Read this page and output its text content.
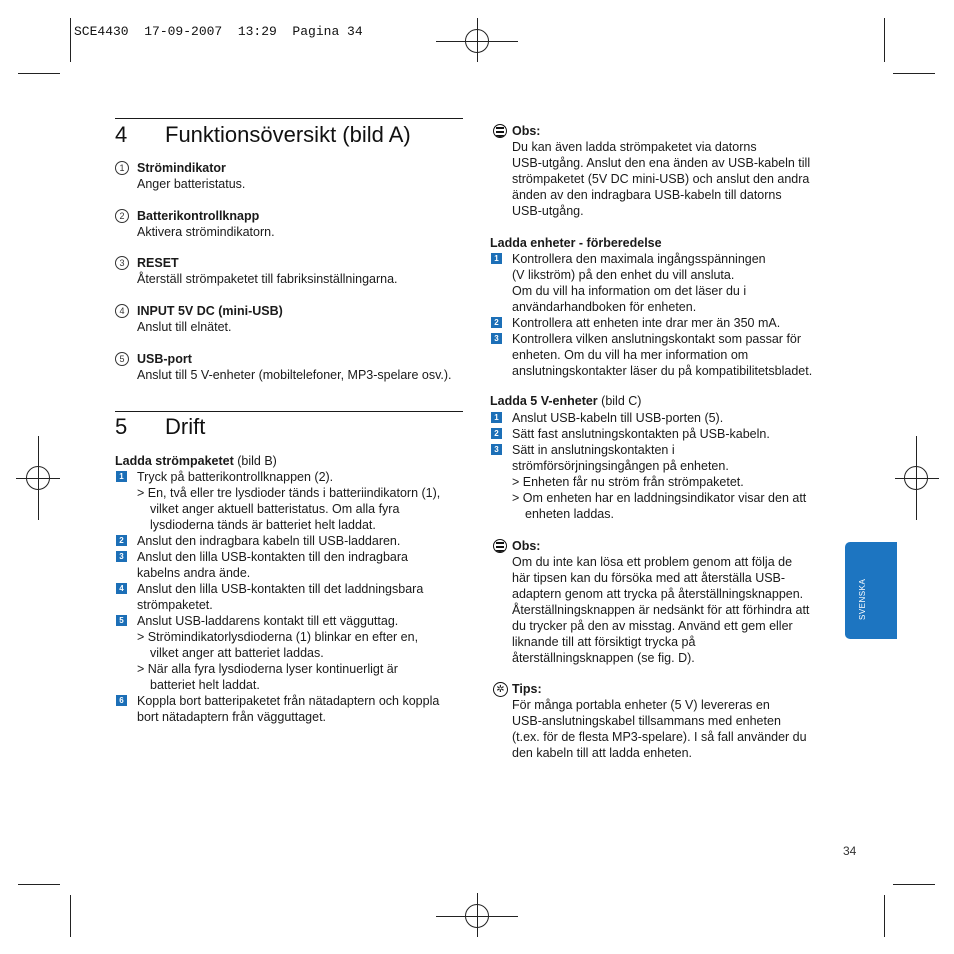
SCE4430  17-09-2007  13:29  Pagina 34
4 Funktionsöversikt (bild A)
1	Strömindikator
Anger batteristatus.
2	Batterikontrollknapp
Aktivera strömindikatorn.
3	RESET
Återställ strömpaketet till fabriksinställningarna.
4	INPUT 5V DC (mini-USB)
Anslut till elnätet.
5	USB-port
Anslut till 5 V-enheter (mobiltelefoner, MP3-spelare osv.).
5 Drift
Ladda strömpaketet (bild B)
1 Tryck på batterikontrollknappen (2).
> En, två eller tre lysdioder tänds i batteriindikatorn (1),
vilket anger aktuell batteristatus. Om alla fyra
lysdioderna tänds är batteriet helt laddat.
2 Anslut den indragbara kabeln till USB-laddaren.
3 Anslut den lilla USB-kontakten till den indragbara
kabelns andra ände.
4 Anslut den lilla USB-kontakten till det laddningsbara
strömpaketet.
5 Anslut USB-laddarens kontakt till ett vägguttag.
> Strömindikatorlysdioderna (1) blinkar en efter en,
vilket anger att batteriet laddas.
> När alla fyra lysdioderna lyser kontinuerligt är
batteriet helt laddat.
6 Koppla bort batteripaketet från nätadaptern och koppla
bort nätadaptern från vägguttaget.
Obs:
Du kan även ladda strömpaketet via datorns
USB-utgång. Anslut den ena änden av USB-kabeln till
strömpaketet (5V DC mini-USB) och anslut den andra
änden av den indragbara USB-kabeln till datorns
USB-utgång.
Ladda enheter - förberedelse
1 Kontrollera den maximala ingångsspänningen
(V likström) på den enhet du vill ansluta.
Om du vill ha information om det läser du i
användarhandboken för enheten.
2 Kontrollera att enheten inte drar mer än 350 mA.
3 Kontrollera vilken anslutningskontakt som passar för
enheten. Om du vill ha mer information om
anslutningskontakter läser du på kompatibilitetsbladet.
Ladda 5 V-enheter (bild C)
1 Anslut USB-kabeln till USB-porten (5).
2 Sätt fast anslutningskontakten på USB-kabeln.
3 Sätt in anslutningskontakten i
strömförsörjningsingången på enheten.
> Enheten får nu ström från strömpaketet.
> Om enheten har en laddningsindikator visar den att
enheten laddas.
Obs:
Om du inte kan lösa ett problem genom att följa de
här tipsen kan du försöka med att återställa USB-
adaptern genom att trycka på återställningsknappen.
Återställningsknappen är nedsänkt för att förhindra att
du trycker på den av misstag. Använd ett gem eller
liknande till att försiktigt trycka på
återställningsknappen (se fig. D).
✲ Tips:
För många portabla enheter (5 V) levereras en
USB-anslutningskabel tillsammans med enheten
(t.ex. för de flesta MP3-spelare). I så fall använder du
den kabeln till att ladda enheten.
SVENSKA
34
